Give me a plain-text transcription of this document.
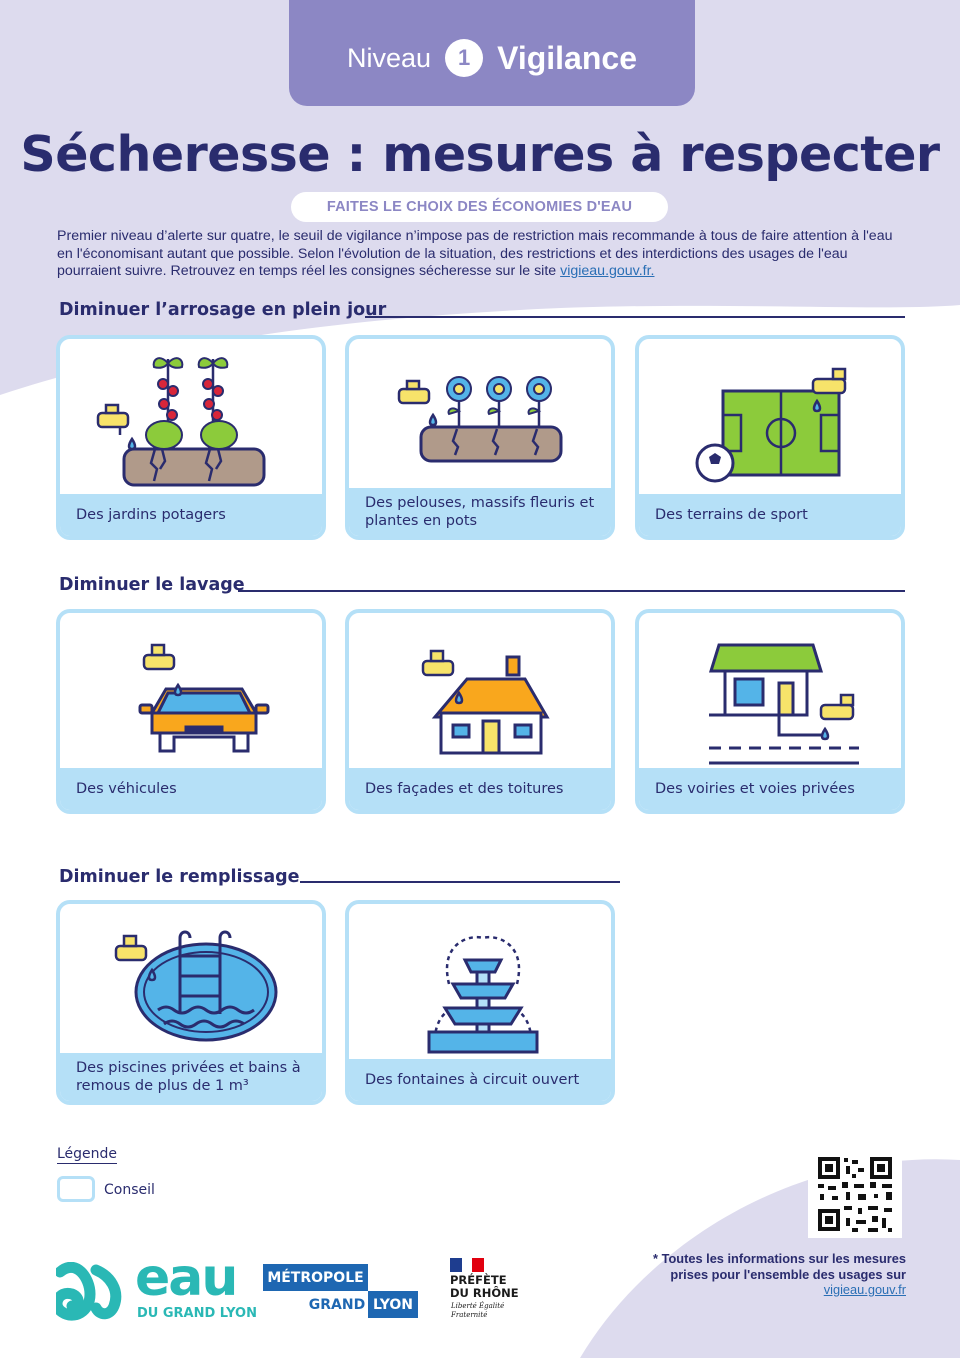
Niveau	1 Vigilance
Sécheresse : mesures à respecter
FAITES LE CHOIX DES ÉCONOMIES D'EAU
Premier niveau d’alerte sur quatre, le seuil de vigilance n’impose pas de restriction mais recommande à tous de faire attention à l'eau en l'économisant autant que possible. Selon l'évolution de la situation, des restrictions et des interdictions des usages de l'eau pourraient suivre. Retrouvez en temps réel les consignes sécheresse sur le site vigieau.gouv.fr.
Diminuer l’arrosage en plein jour
Des jardins potagers
Des pelouses, massifs fleuris et plantes en pots	Des terrains de sport
Diminuer le lavage
Des véhicules	Des façades et des toitures	Des voiries et voies privées
Diminuer le remplissage
Des piscines privées et bains à remous de plus de 1 m³	Des fontaines à circuit ouvert
Légende
Conseil
* Toutes les informations sur les mesures prises pour l'ensemble des usages sur vigieau.gouv.fr
eau
DU GRAND LYON
MÉTROPOLE
GRAND LYON
PRÉFÈTE
DU RHÔNE
Liberté Égalité Fraternité
